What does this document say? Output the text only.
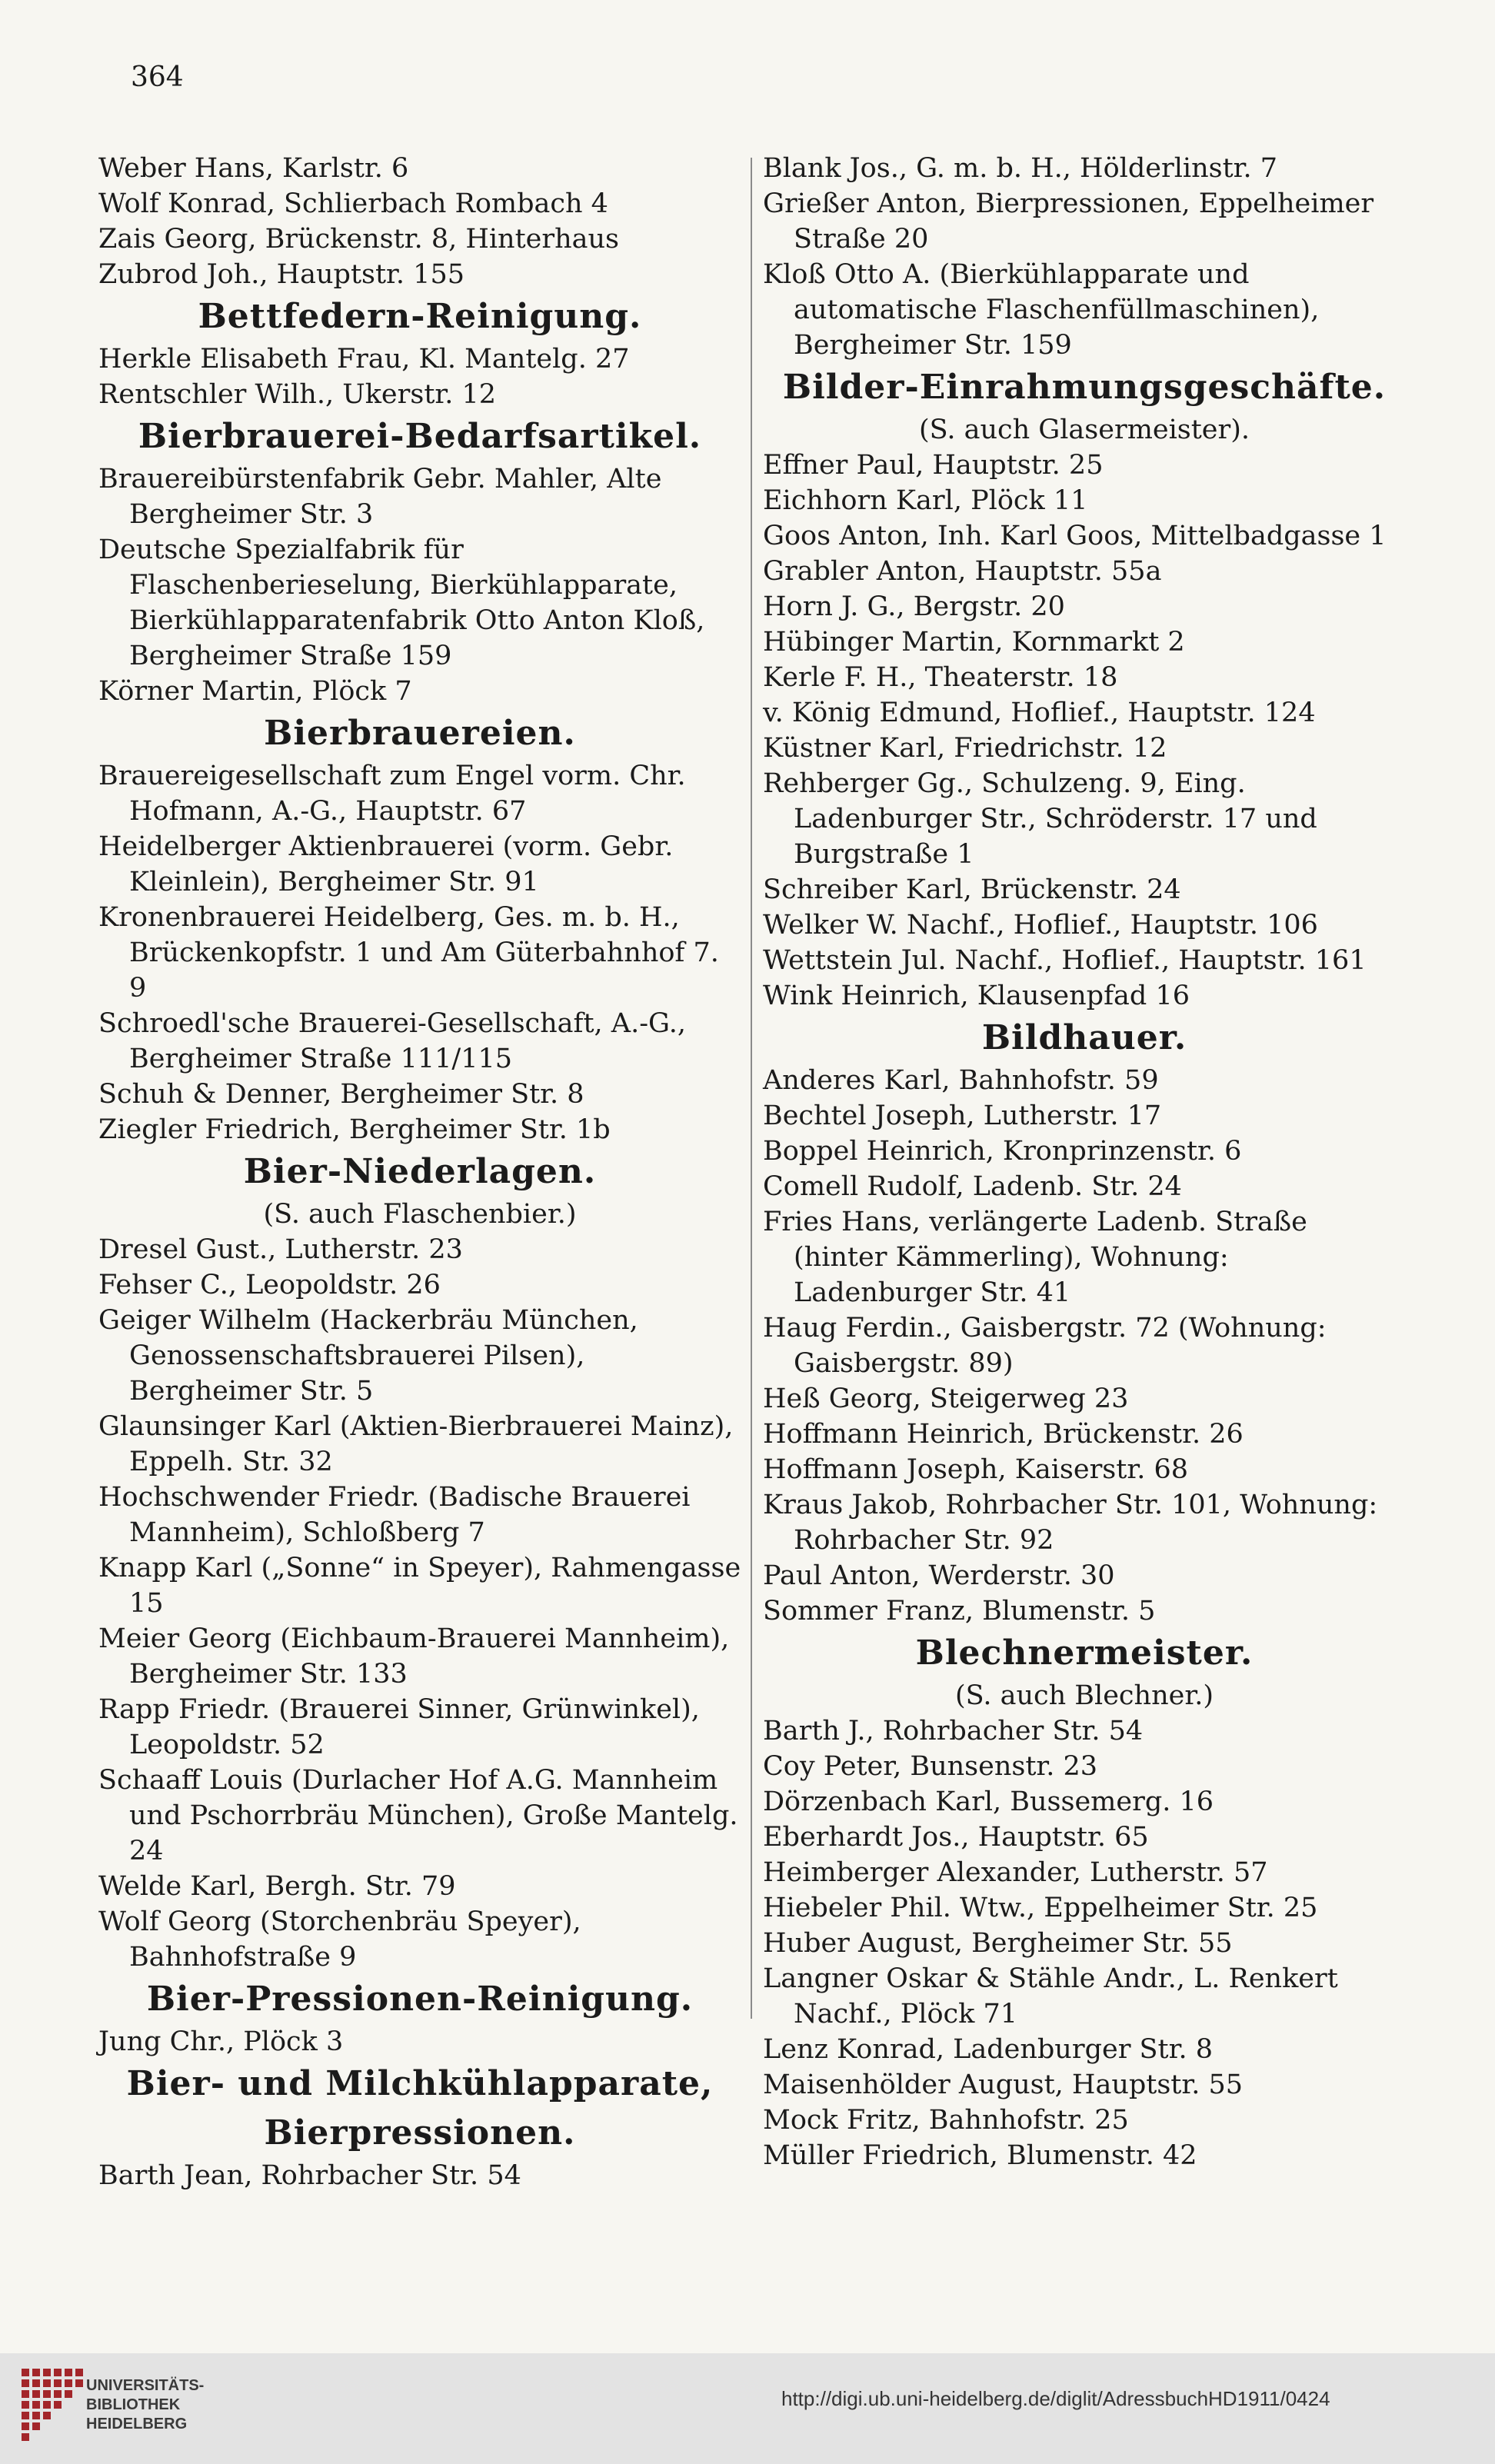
364
Weber Hans, Karlstr. 6
Wolf Konrad, Schlierbach Rombach 4
Zais Georg, Brückenstr. 8, Hinterhaus
Zubrod Joh., Hauptstr. 155
Bettfedern-Reinigung.
Herkle Elisabeth Frau, Kl. Mantelg. 27
Rentschler Wilh., Ukerstr. 12
Bierbrauerei-Bedarfsartikel.
Brauereibürstenfabrik Gebr. Mahler, Alte Bergheimer Str. 3
Deutsche Spezialfabrik für Flaschenberieselung, Bierkühlapparate, Bierkühlapparatenfabrik Otto Anton Kloß, Bergheimer Straße 159
Körner Martin, Plöck 7
Bierbrauereien.
Brauereigesellschaft zum Engel vorm. Chr. Hofmann, A.-G., Hauptstr. 67
Heidelberger Aktienbrauerei (vorm. Gebr. Kleinlein), Bergheimer Str. 91
Kronenbrauerei Heidelberg, Ges. m. b. H., Brückenkopfstr. 1 und Am Güterbahnhof 7. 9
Schroedl'sche Brauerei-Gesellschaft, A.-G., Bergheimer Straße 111/115
Schuh & Denner, Bergheimer Str. 8
Ziegler Friedrich, Bergheimer Str. 1b
Bier-Niederlagen.
(S. auch Flaschenbier.)
Dresel Gust., Lutherstr. 23
Fehser C., Leopoldstr. 26
Geiger Wilhelm (Hackerbräu München, Genossenschaftsbrauerei Pilsen), Bergheimer Str. 5
Glaunsinger Karl (Aktien-Bierbrauerei Mainz), Eppelh. Str. 32
Hochschwender Friedr. (Badische Brauerei Mannheim), Schloßberg 7
Knapp Karl („Sonne“ in Speyer), Rahmengasse 15
Meier Georg (Eichbaum-Brauerei Mannheim), Bergheimer Str. 133
Rapp Friedr. (Brauerei Sinner, Grünwinkel), Leopoldstr. 52
Schaaff Louis (Durlacher Hof A.G. Mannheim und Pschorrbräu München), Große Mantelg. 24
Welde Karl, Bergh. Str. 79
Wolf Georg (Storchenbräu Speyer), Bahnhofstraße 9
Bier-Pressionen-Reinigung.
Jung Chr., Plöck 3
Bier- und Milchkühlapparate, Bierpressionen.
Barth Jean, Rohrbacher Str. 54
Blank Jos., G. m. b. H., Hölderlinstr. 7
Grießer Anton, Bierpressionen, Eppelheimer Straße 20
Kloß Otto A. (Bierkühlapparate und automatische Flaschenfüllmaschinen), Bergheimer Str. 159
Bilder-Einrahmungsgeschäfte.
(S. auch Glasermeister).
Effner Paul, Hauptstr. 25
Eichhorn Karl, Plöck 11
Goos Anton, Inh. Karl Goos, Mittelbadgasse 1
Grabler Anton, Hauptstr. 55a
Horn J. G., Bergstr. 20
Hübinger Martin, Kornmarkt 2
Kerle F. H., Theaterstr. 18
v. König Edmund, Hoflief., Hauptstr. 124
Küstner Karl, Friedrichstr. 12
Rehberger Gg., Schulzeng. 9, Eing. Ladenburger Str., Schröderstr. 17 und Burgstraße 1
Schreiber Karl, Brückenstr. 24
Welker W. Nachf., Hoflief., Hauptstr. 106
Wettstein Jul. Nachf., Hoflief., Hauptstr. 161
Wink Heinrich, Klausenpfad 16
Bildhauer.
Anderes Karl, Bahnhofstr. 59
Bechtel Joseph, Lutherstr. 17
Boppel Heinrich, Kronprinzenstr. 6
Comell Rudolf, Ladenb. Str. 24
Fries Hans, verlängerte Ladenb. Straße (hinter Kämmerling), Wohnung: Ladenburger Str. 41
Haug Ferdin., Gaisbergstr. 72 (Wohnung: Gaisbergstr. 89)
Heß Georg, Steigerweg 23
Hoffmann Heinrich, Brückenstr. 26
Hoffmann Joseph, Kaiserstr. 68
Kraus Jakob, Rohrbacher Str. 101, Wohnung: Rohrbacher Str. 92
Paul Anton, Werderstr. 30
Sommer Franz, Blumenstr. 5
Blechnermeister.
(S. auch Blechner.)
Barth J., Rohrbacher Str. 54
Coy Peter, Bunsenstr. 23
Dörzenbach Karl, Bussemerg. 16
Eberhardt Jos., Hauptstr. 65
Heimberger Alexander, Lutherstr. 57
Hiebeler Phil. Wtw., Eppelheimer Str. 25
Huber August, Bergheimer Str. 55
Langner Oskar & Stähle Andr., L. Renkert Nachf., Plöck 71
Lenz Konrad, Ladenburger Str. 8
Maisenhölder August, Hauptstr. 55
Mock Fritz, Bahnhofstr. 25
Müller Friedrich, Blumenstr. 42
UNIVERSITÄTS-
BIBLIOTHEK
HEIDELBERG
http://digi.ub.uni-heidelberg.de/diglit/AdressbuchHD1911/0424
